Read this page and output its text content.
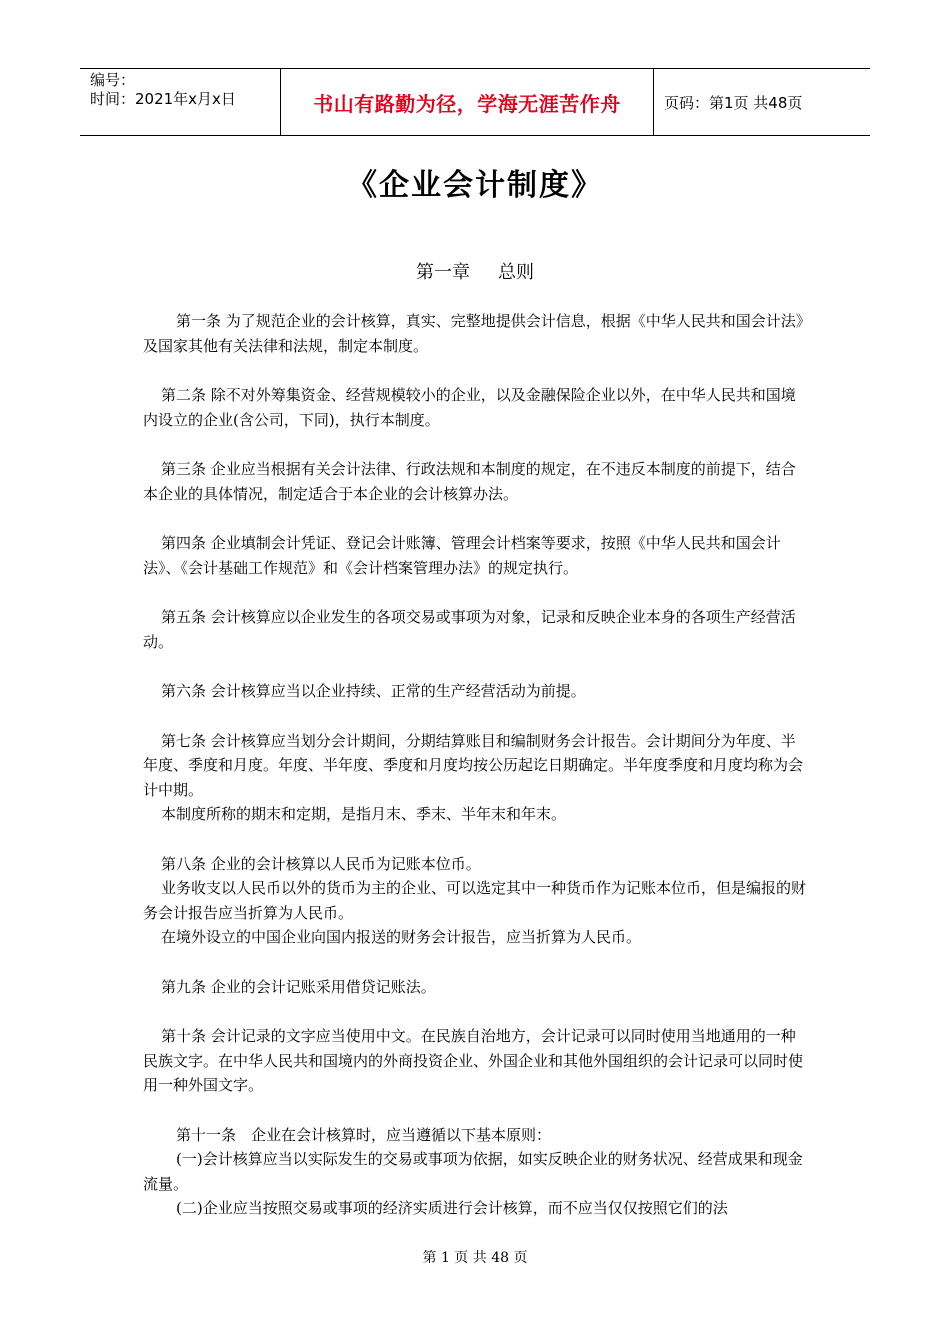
编号：
时间：2021年x月x日	书山有路勤为径，学海无涯苦作舟	页码：第1页 共48页
《企业会计制度》
第一章 总则

第一条 为了规范企业的会计核算，真实、完整地提供会计信息，根据《中华人民共和国会计法》及国家其他有关法律和法规，制定本制度。

第二条 除不对外筹集资金、经营规模较小的企业，以及金融保险企业以外，在中华人民共和国境内设立的企业(含公司，下同)，执行本制度。

第三条 企业应当根据有关会计法律、行政法规和本制度的规定，在不违反本制度的前提下，结合本企业的具体情况，制定适合于本企业的会计核算办法。

第四条 企业填制会计凭证、登记会计账簿、管理会计档案等要求，按照《中华人民共和国会计法》、《会计基础工作规范》和《会计档案管理办法》的规定执行。

第五条 会计核算应以企业发生的各项交易或事项为对象，记录和反映企业本身的各项生产经营活动。

第六条 会计核算应当以企业持续、正常的生产经营活动为前提。

第七条 会计核算应当划分会计期间，分期结算账目和编制财务会计报告。会计期间分为年度、半年度、季度和月度。年度、半年度、季度和月度均按公历起讫日期确定。半年度季度和月度均称为会计中期。

本制度所称的期末和定期，是指月末、季末、半年末和年末。

第八条 企业的会计核算以人民币为记账本位币。

业务收支以人民币以外的货币为主的企业、可以选定其中一种货币作为记账本位币，但是编报的财务会计报告应当折算为人民币。

在境外设立的中国企业向国内报送的财务会计报告，应当折算为人民币。

第九条 企业的会计记账采用借贷记账法。

第十条 会计记录的文字应当使用中文。在民族自治地方，会计记录可以同时使用当地通用的一种民族文字。在中华人民共和国境内的外商投资企业、外国企业和其他外国组织的会计记录可以同时使用一种外国文字。

第十一条　企业在会计核算时，应当遵循以下基本原则：

(一)会计核算应当以实际发生的交易或事项为依据，如实反映企业的财务状况、经营成果和现金流量。

(二)企业应当按照交易或事项的经济实质进行会计核算，而不应当仅仅按照它们的法

第 1 页 共 48 页
